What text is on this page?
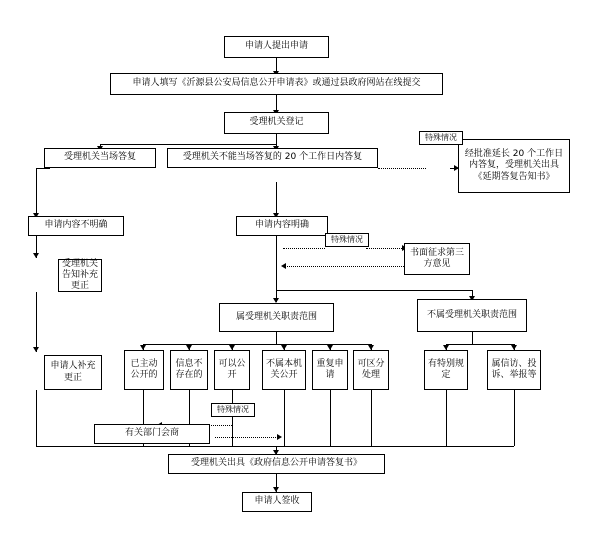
申请人提出申请
申请人填写《沂源县公安局信息公开申请表》或通过县政府网站在线提交
受理机关登记
受理机关当场答复	受理机关不能当场答复的 20 个工作日内答复	经批准延长 20 个工作日内答复，受理机关出具《延期答复告知书》
申请内容不明确	申请内容明确
书面征求第三方意见
受理机关告知补充更正
申请人补充更正
属受理机关职责范围	不属受理机关职责范围
已主动公开的
信息不存在的
可以公开
不属本机关公开
重复申请
可区分处理
有特别规定
属信访、投诉、举报等
有关部门会商
受理机关出具《政府信息公开申请答复书》
申请人签收
特殊情况
特殊情况
特殊情况
